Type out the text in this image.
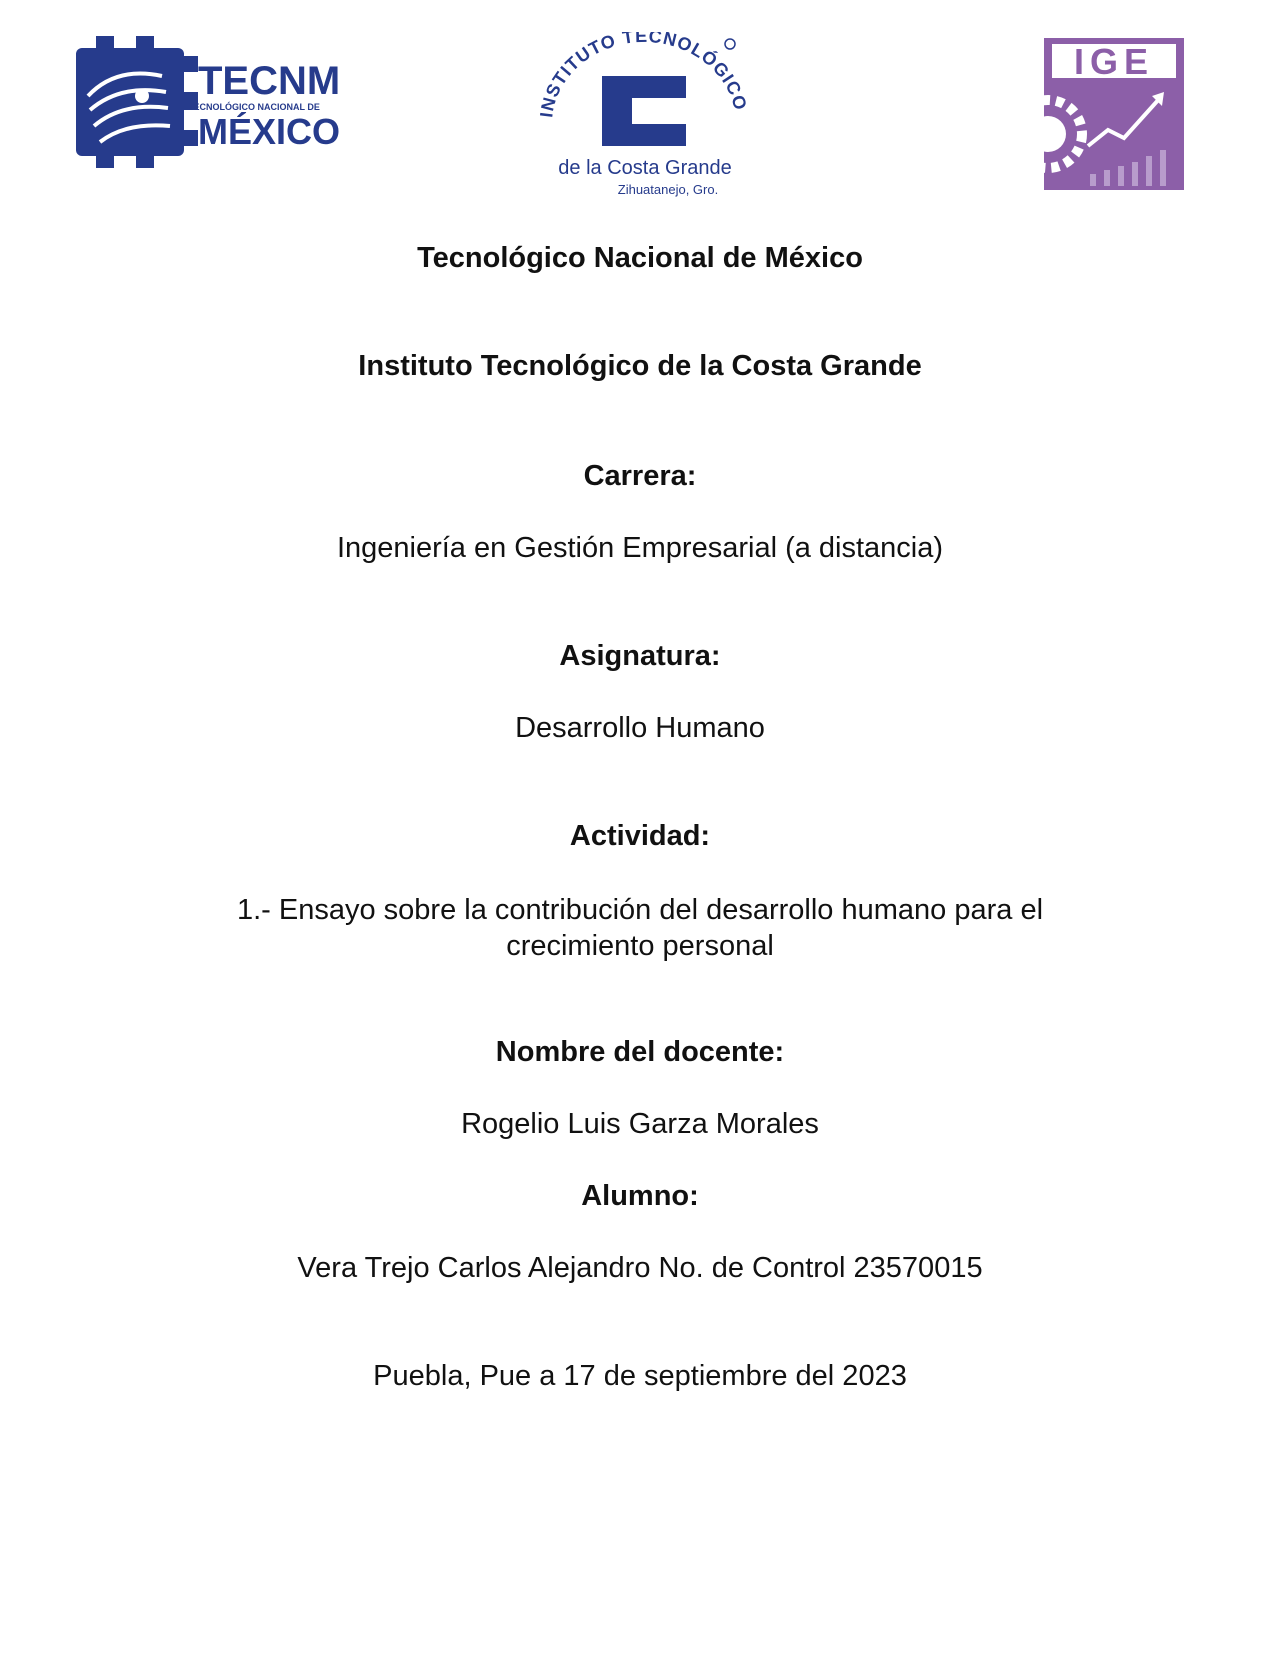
TECNM
TECNOLÓGICO NACIONAL DE
MÉXICO
STITUTO TECNOLÓGICO
de la Costa Grande
Zihuatanejo, Gro.
IGE
Tecnológico Nacional de México
Instituto Tecnológico de la Costa Grande
Carrera:
Ingeniería en Gestión Empresarial (a distancia)
Asignatura:
Desarrollo Humano
Actividad:
1.- Ensayo sobre la contribución del desarrollo humano para el
crecimiento personal
Nombre del docente:
Rogelio Luis Garza Morales
Alumno:
Vera Trejo Carlos Alejandro No. de Control 23570015
Puebla, Pue a 17 de septiembre del 2023
